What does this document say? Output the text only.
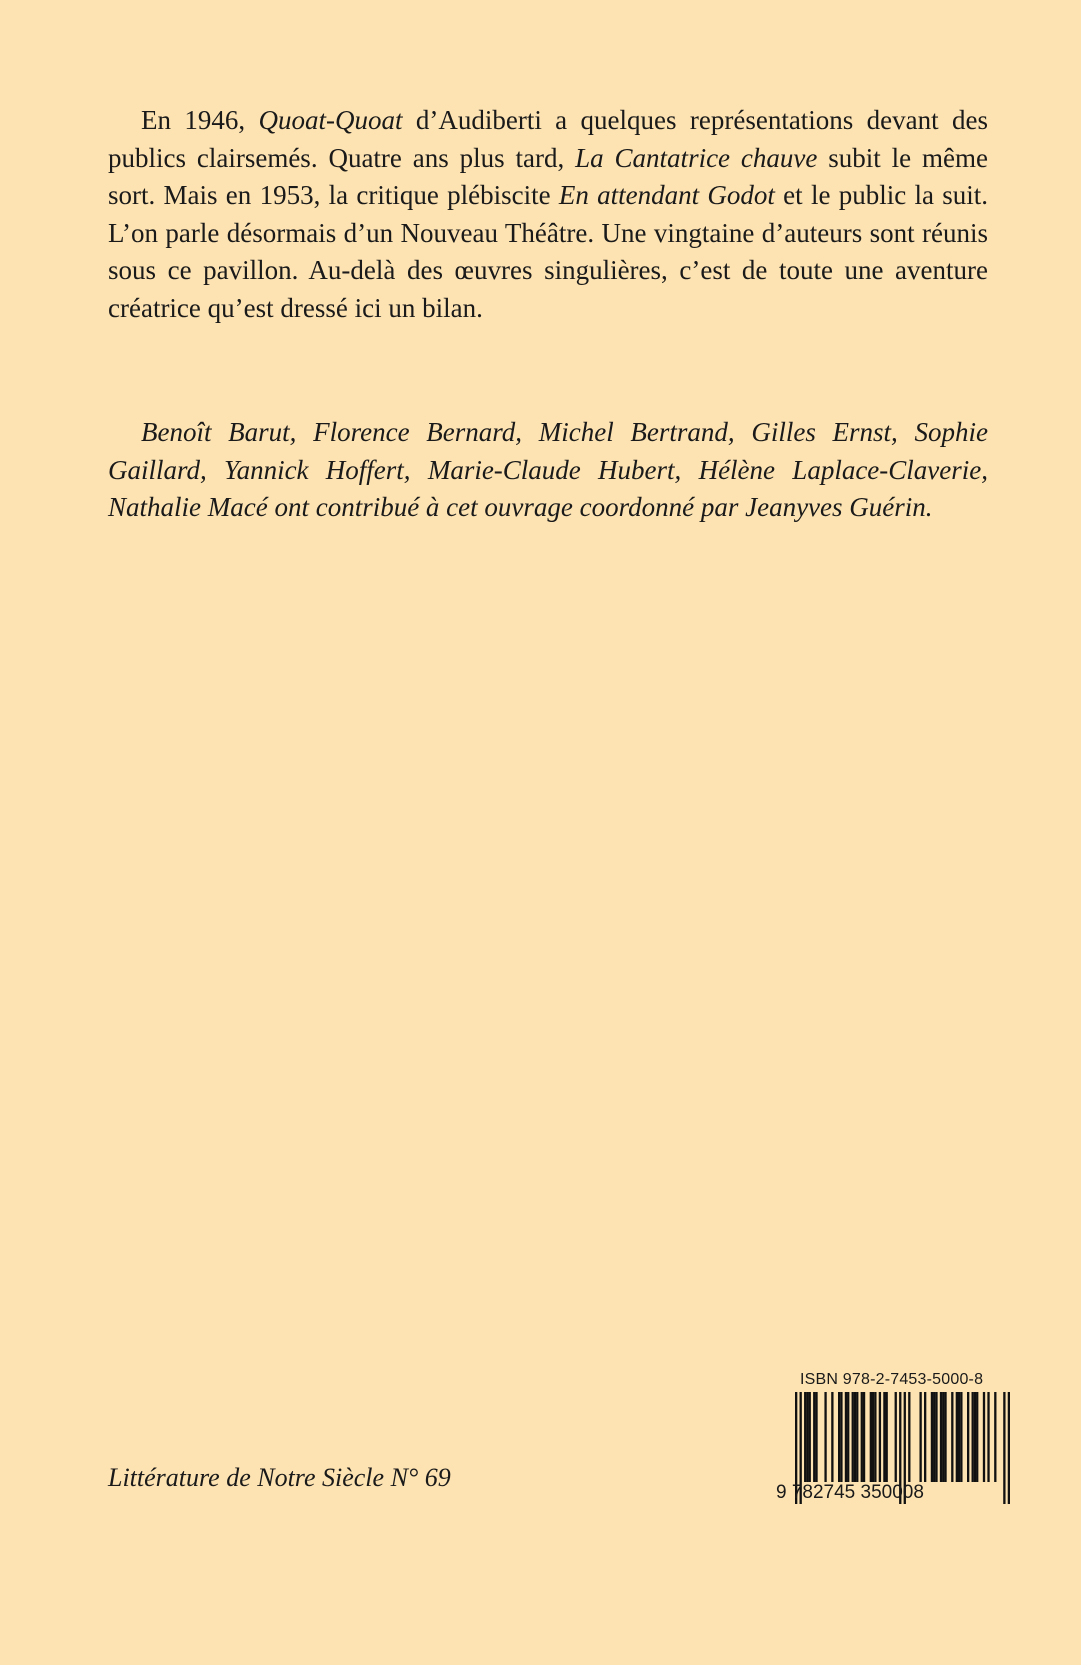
En 1946, Quoat-Quoat d’Audiberti a quelques représentations devant des publics clairsemés. Quatre ans plus tard, La Cantatrice chauve subit le même sort. Mais en 1953, la critique plébiscite En attendant Godot et le public la suit. L’on parle désormais d’un Nouveau Théâtre. Une vingtaine d’auteurs sont réunis sous ce pavillon. Au-delà des œuvres singulières, c’est de toute une aventure créatrice qu’est dressé ici un bilan.

Benoît Barut, Florence Bernard, Michel Bertrand, Gilles Ernst, Sophie Gaillard, Yannick Hoffert, Marie-Claude Hubert, Hélène Laplace-Claverie, Nathalie Macé ont contribué à cet ouvrage coordonné par Jeanyves Guérin.

Littérature de Notre Siècle N° 69

ISBN 978-2-7453-5000-8
9 782745 350008
